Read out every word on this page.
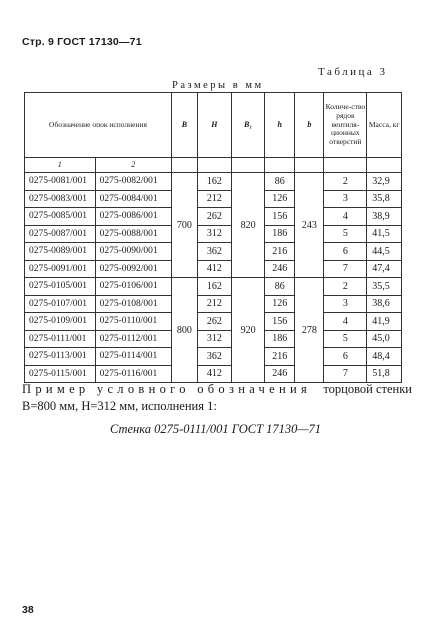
Стр. 9 ГОСТ 17130—71
Таблица 3
Размеры в мм
Обозначение опок исполнения		B	H	B₁	h	b	Количе-ство рядов вентиля-ционных отверстий	Масса, кг
1	2							
0275-0081/001	0275-0082/001	700	162	820	86	243	2	32,9
0275-0083/001	0275-0084/001		212		126		3	35,8
0275-0085/001	0275-0086/001		262		156		4	38,9
0275-0087/001	0275-0088/001		312		186		5	41,5
0275-0089/001	0275-0090/001		362		216		6	44,5
0275-0091/001	0275-0092/001		412		246		7	47,4
0275-0105/001	0275-0106/001	800	162	920	86	278	2	35,5
0275-0107/001	0275-0108/001		212		126		3	38,6
0275-0109/001	0275-0110/001		262		156		4	41,9
0275-0111/001	0275-0112/001		312		186		5	45,0
0275-0113/001	0275-0114/001		362		216		6	48,4
0275-0115/001	0275-0116/001		412		246		7	51,8
Пример условного обозначения торцовой стенки
B=800 мм, H=312 мм, исполнения 1:
Стенка 0275-0111/001 ГОСТ 17130—71
38
